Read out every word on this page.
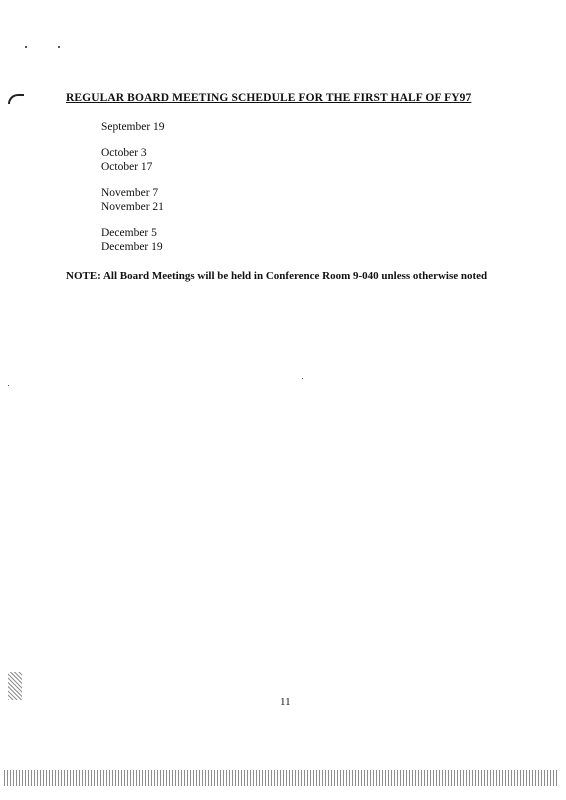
REGULAR BOARD MEETING SCHEDULE FOR THE FIRST HALF OF FY97
September 19
October 3
October 17
November 7
November 21
December 5
December 19
NOTE: All Board Meetings will be held in Conference Room 9-040 unless otherwise noted
11
